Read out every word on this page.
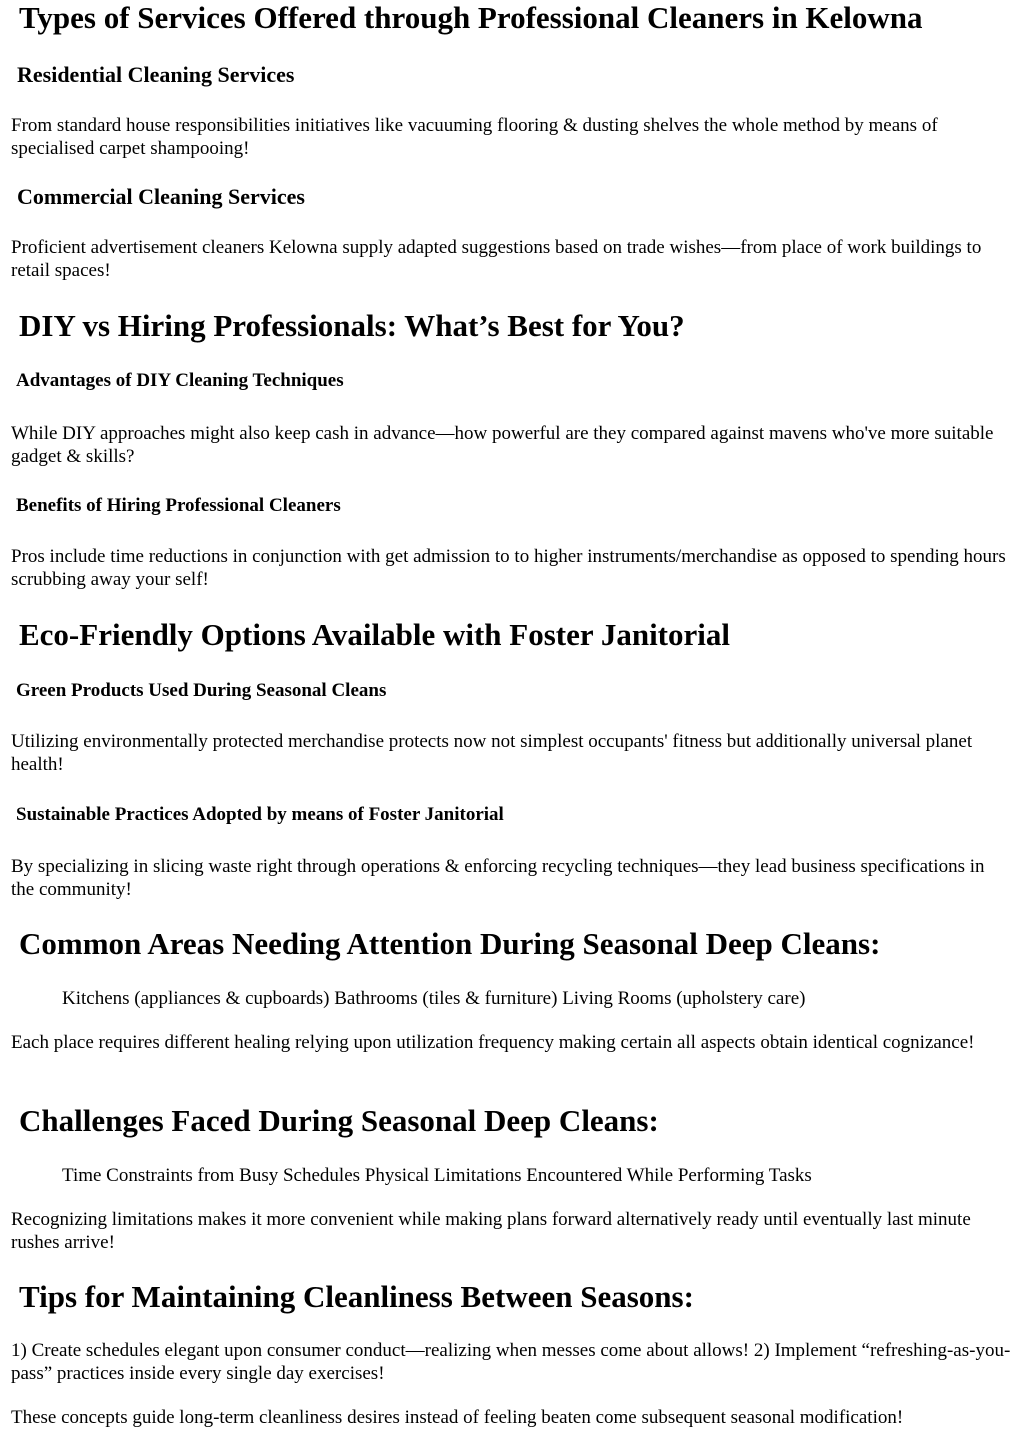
Types of Services Offered through Professional Cleaners in Kelowna
Residential Cleaning Services

From standard house responsibilities initiatives like vacuuming flooring & dusting shelves the whole method by means of specialised carpet shampooing!

Commercial Cleaning Services

Proficient advertisement cleaners Kelowna supply adapted suggestions based on trade wishes—from place of work buildings to retail spaces!

DIY vs Hiring Professionals: What’s Best for You?
Advantages of DIY Cleaning Techniques

While DIY approaches might also keep cash in advance—how powerful are they compared against mavens who've more suitable gadget & skills?

Benefits of Hiring Professional Cleaners

Pros include time reductions in conjunction with get admission to to higher instruments/merchandise as opposed to spending hours scrubbing away your self!

Eco-Friendly Options Available with Foster Janitorial
Green Products Used During Seasonal Cleans

Utilizing environmentally protected merchandise protects now not simplest occupants' fitness but additionally universal planet health!

Sustainable Practices Adopted by means of Foster Janitorial

By specializing in slicing waste right through operations & enforcing recycling techniques—they lead business specifications in the community!

Common Areas Needing Attention During Seasonal Deep Cleans:

Kitchens (appliances & cupboards) Bathrooms (tiles & furniture) Living Rooms (upholstery care)

Each place requires different healing relying upon utilization frequency making certain all aspects obtain identical cognizance!

Challenges Faced During Seasonal Deep Cleans:

Time Constraints from Busy Schedules Physical Limitations Encountered While Performing Tasks

Recognizing limitations makes it more convenient while making plans forward alternatively ready until eventually last minute rushes arrive!

Tips for Maintaining Cleanliness Between Seasons:

1) Create schedules elegant upon consumer conduct—realizing when messes come about allows! 2) Implement “refreshing-as-you-pass” practices inside every single day exercises!

These concepts guide long-term cleanliness desires instead of feeling beaten come subsequent seasonal modification!
